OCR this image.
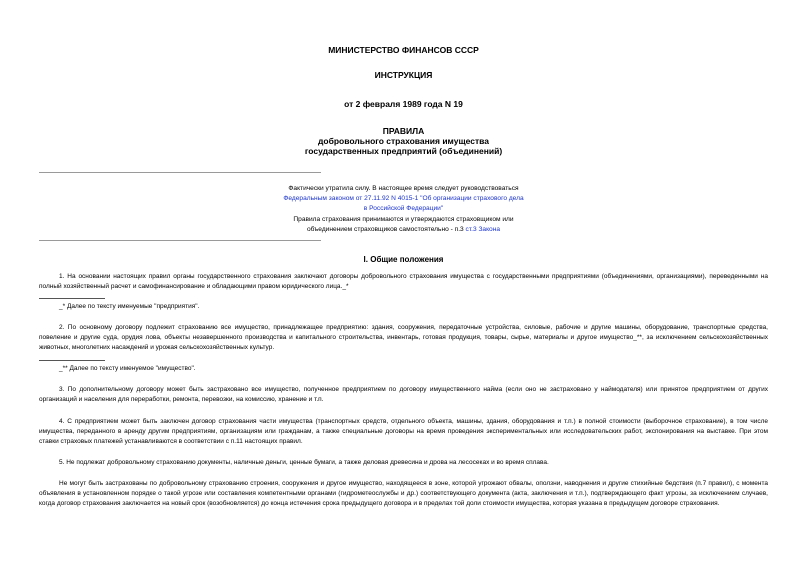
МИНИСТЕРСТВО ФИНАНСОВ СССР
ИНСТРУКЦИЯ
от 2 февраля 1989 года N 19
ПРАВИЛА
добровольного страхования имущества
государственных предприятий (объединений)
Фактически утратила силу. В настоящее время следует руководствоваться
Федеральным законом от 27.11.92 N 4015-1 "Об организации страхового дела
в Российской Федерации"
Правила страхования принимаются и утверждаются страховщиком или
объединением страховщиков самостоятельно - п.3 ст.3 Закона
I. Общие положения
1. На основании настоящих правил органы государственного страхования заключают договоры добровольного страхования имущества с государственными предприятиями (объединениями, организациями), переведенными на полный хозяйственный расчет и самофинансирование и обладающими правом юридического лица._*
_* Далее по тексту именуемые "предприятия".
2. По основному договору подлежит страхованию все имущество, принадлежащее предприятию: здания, сооружения, передаточные устройства, силовые, рабочие и другие машины, оборудование, транспортные средства, повеление и другие суда, орудия лова, объекты незавершенного производства и капитального строительства, инвентарь, готовая продукция, товары, сырье, материалы и другое имущество_**, за исключением сельскохозяйственных животных, многолетних насаждений и урожая сельскохозяйственных культур.
_** Далее по тексту именуемое "имущество".
3. По дополнительному договору может быть застраховано все имущество, полученное предприятием по договору имущественного найма (если оно не застраховано у наймодателя) или принятое предприятием от других организаций и населения для переработки, ремонта, перевозки, на комиссию, хранение и т.п.
4. С предприятием может быть заключен договор страхования части имущества (транспортных средств, отдельного объекта, машины, здания, оборудования и т.п.) в полной стоимости (выборочное страхование), в том числе имущества, переданного в аренду другим предприятиям, организациям или гражданам, а также специальные договоры на время проведения экспериментальных или исследовательских работ, экспонирования на выставке. При этом ставки страховых платежей устанавливаются в соответствии с п.11 настоящих правил.
5. Не подлежат добровольному страхованию документы, наличные деньги, ценные бумаги, а также деловая древесина и дрова на лесосеках и во время сплава.
Не могут быть застрахованы по добровольному страхованию строения, сооружения и другое имущество, находящееся в зоне, которой угрожают обвалы, оползни, наводнения и другие стихийные бедствия (п.7 правил), с момента объявления в установленном порядке о такой угрозе или составления компетентными органами (гидрометеослужбы и др.) соответствующего документа (акта, заключения и т.п.), подтверждающего факт угрозы, за исключением случаев, когда договор страхования заключается на новый срок (возобновляется) до конца истечения срока предыдущего договора и в пределах той доли стоимости имущества, которая указана в предыдущем договоре страхования.
